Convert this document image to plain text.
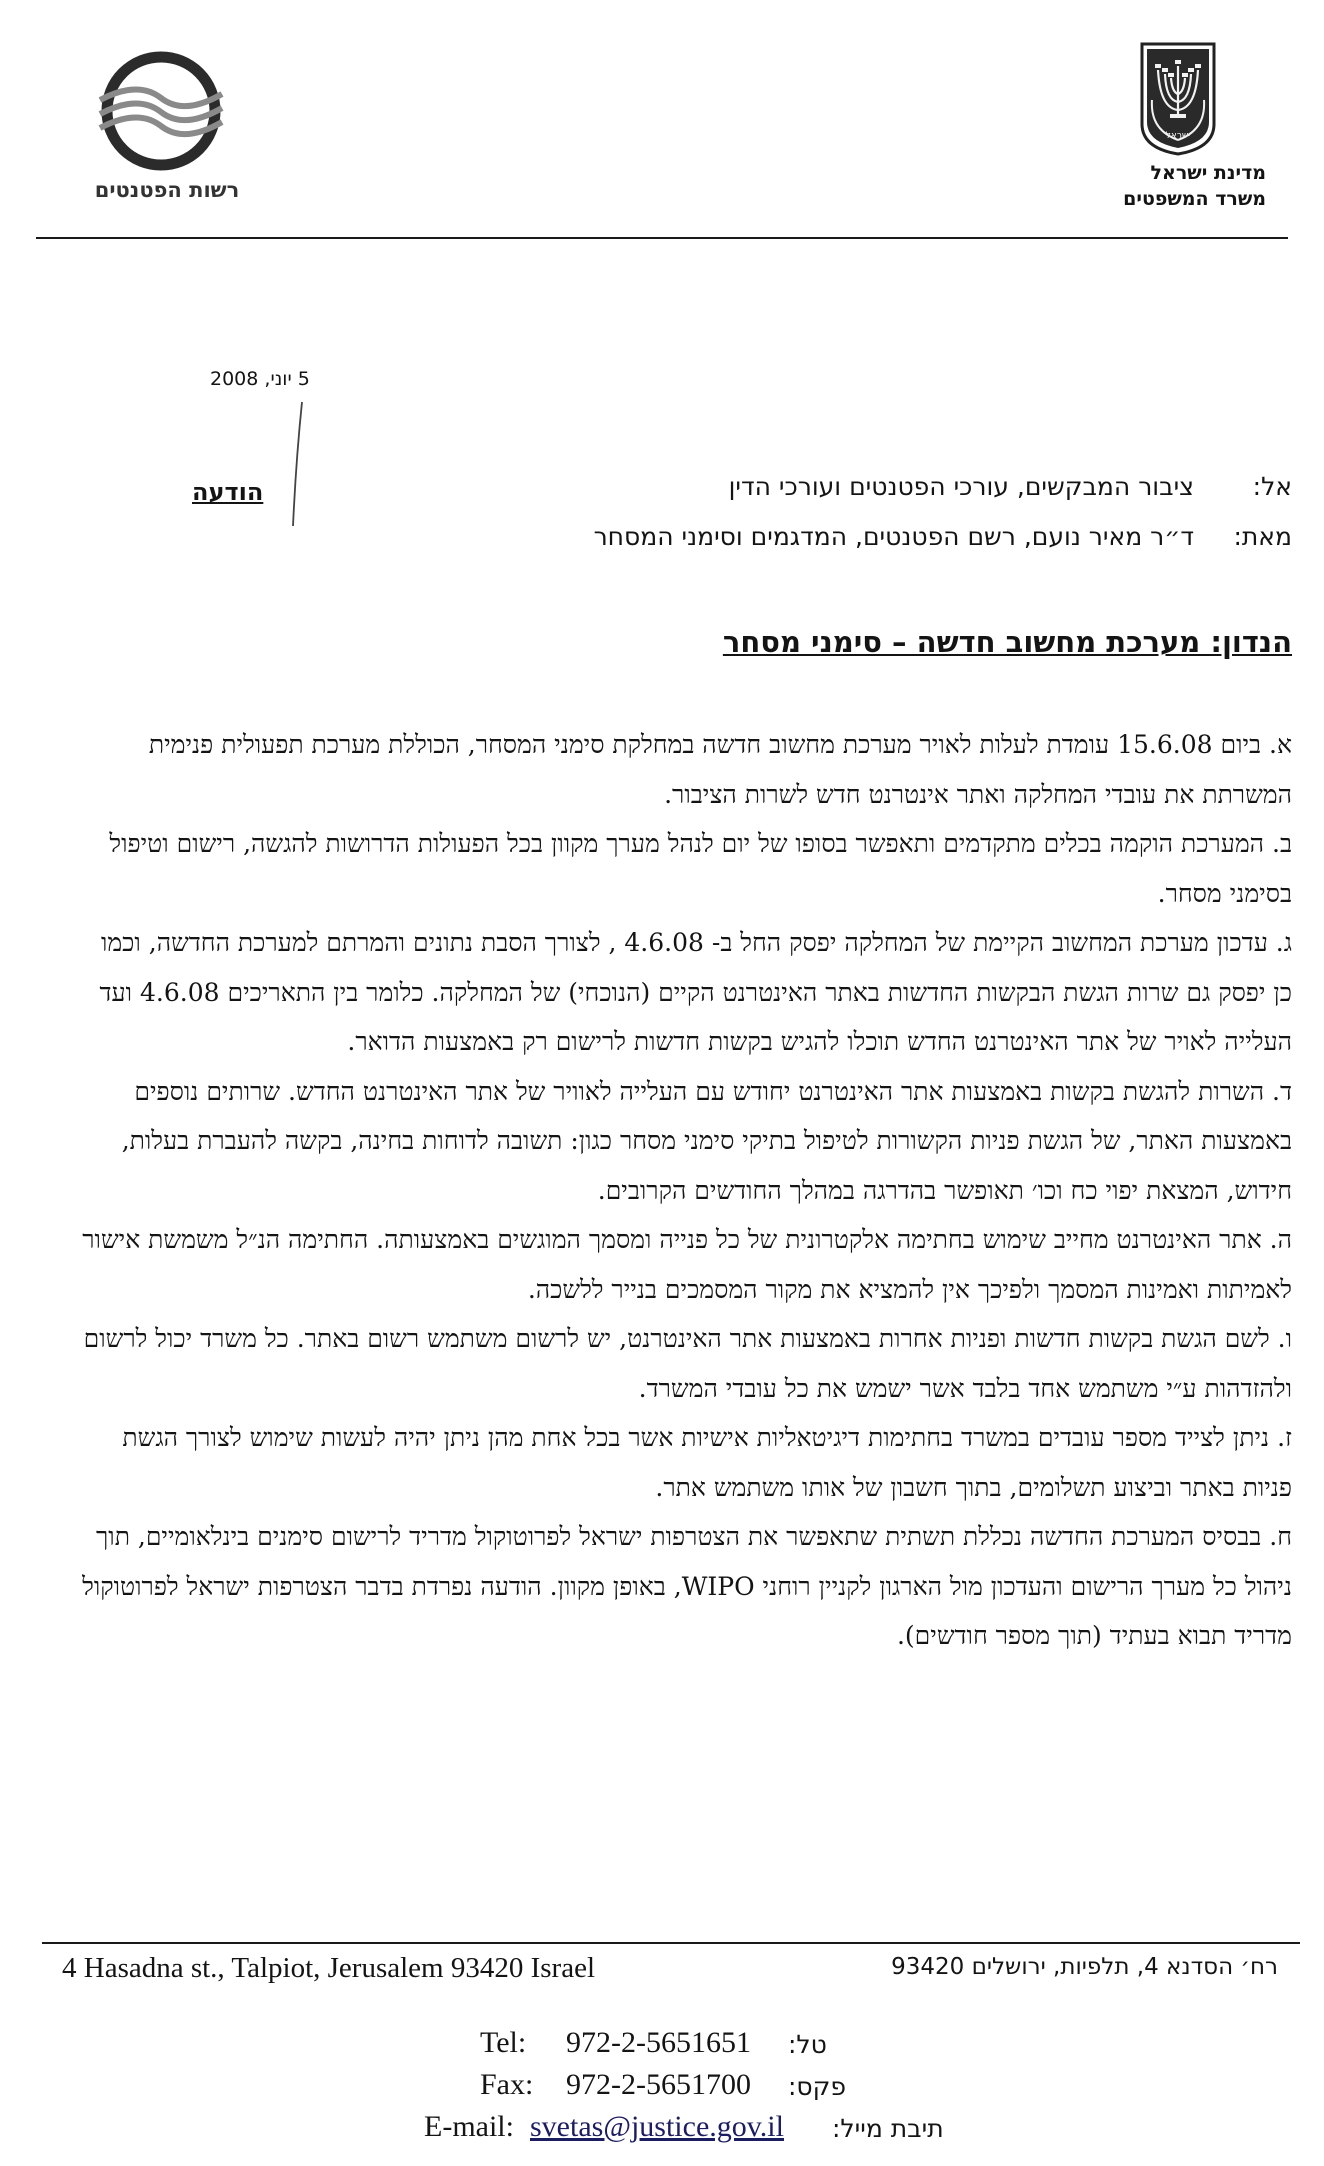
ישראל
מדינת ישראל
משרד המשפטים
רשות הפטנטים
5 יוני, 2008
אל:
ציבור המבקשים, עורכי הפטנטים ועורכי הדין
מאת:
ד״ר מאיר נועם, רשם הפטנטים, המדגמים וסימני המסחר
הודעה
הנדון: מערכת מחשוב חדשה – סימני מסחר

א. ביום 15.6.08 עומדת לעלות לאויר מערכת מחשוב חדשה במחלקת סימני המסחר, הכוללת מערכת תפעולית פנימית המשרתת את עובדי המחלקה ואתר אינטרנט חדש לשרות הציבור.

ב. המערכת הוקמה בכלים מתקדמים ותאפשר בסופו של יום לנהל מערך מקוון בכל הפעולות הדרושות להגשה, רישום וטיפול בסימני מסחר.

ג. עדכון מערכת המחשוב הקיימת של המחלקה יפסק החל ב- 4.6.08 , לצורך הסבת נתונים והמרתם למערכת החדשה, וכמו כן יפסק גם שרות הגשת הבקשות החדשות באתר האינטרנט הקיים (הנוכחי) של המחלקה. כלומר בין התאריכים 4.6.08 ועד העלייה לאויר של אתר האינטרנט החדש תוכלו להגיש בקשות חדשות לרישום רק באמצעות הדואר.

ד. השרות להגשת בקשות באמצעות אתר האינטרנט יחודש עם העלייה לאוויר של אתר האינטרנט החדש. שרותים נוספים באמצעות האתר, של הגשת פניות הקשורות לטיפול בתיקי סימני מסחר כגון: תשובה לדוחות בחינה, בקשה להעברת בעלות, חידוש, המצאת יפוי כח וכו׳ תאופשר בהדרגה במהלך החודשים הקרובים.

ה. אתר האינטרנט מחייב שימוש בחתימה אלקטרונית של כל פנייה ומסמך המוגשים באמצעותה. החתימה הנ״ל משמשת אישור לאמיתות ואמינות המסמך ולפיכך אין להמציא את מקור המסמכים בנייר ללשכה.

ו. לשם הגשת בקשות חדשות ופניות אחרות באמצעות אתר האינטרנט, יש לרשום משתמש רשום באתר. כל משרד יכול לרשום ולהזדהות ע״י משתמש אחד בלבד אשר ישמש את כל עובדי המשרד.

ז. ניתן לצייד מספר עובדים במשרד בחתימות דיגיטאליות אישיות אשר בכל אחת מהן ניתן יהיה לעשות שימוש לצורך הגשת פניות באתר וביצוע תשלומים, בתוך חשבון של אותו משתמש אתר.

ח. בבסיס המערכת החדשה נכללת תשתית שתאפשר את הצטרפות ישראל לפרוטוקול מדריד לרישום סימנים בינלאומיים, תוך ניהול כל מערך הרישום והעדכון מול הארגון לקניין רוחני WIPO, באופן מקוון. הודעה נפרדת בדבר הצטרפות ישראל לפרוטוקול מדריד תבוא בעתיד (תוך מספר חודשים).

4 Hasadna st., Talpiot, Jerusalem 93420 Israel	רח׳ הסדנא 4, תלפיות, ירושלים 93420
Tel: 972-2-5651651 טל:
Fax: 972-2-5651700 פקס:
E-mail: svetas@justice.gov.il תיבת מייל:
